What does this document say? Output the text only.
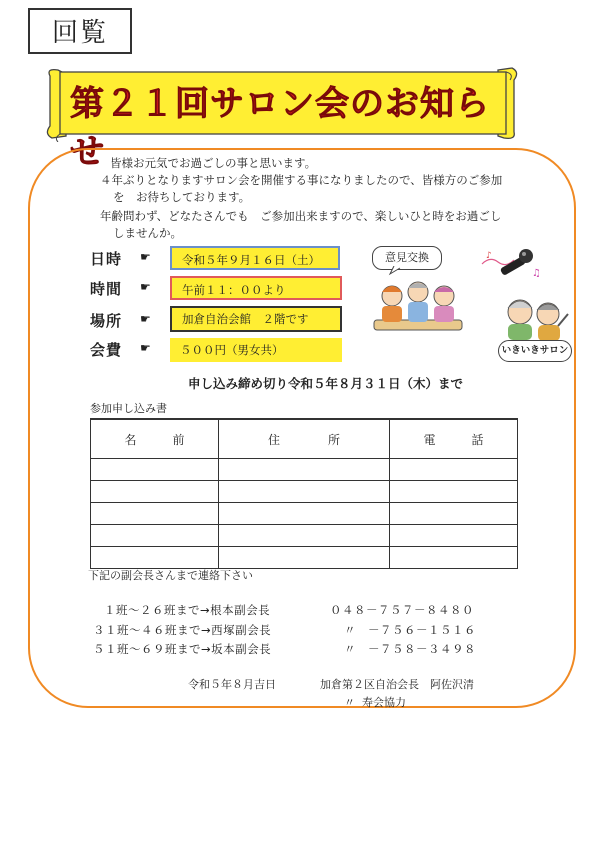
回覧
第２１回サロン会のお知らせ 皆様お元気でお過ごしの事と思います。
４年ぶりとなりますサロン会を開催する事になりましたので、皆様方のご参加
を　お待ちしております。
年齢問わず、どなたさんでも　ご参加出来ますので、楽しいひと時をお過ごし
しませんか。
日時 ☛	令和５年９月１６日（土）
時間 ☛	午前１１：００より
場所 ☛	加倉自治会館　２階です
会費 ☛	５００円（男女共）
意見交換	♪
♫
いきいきサロン
申し込み締め切り令和５年８月３１日（木）まで
参加申し込み書
名　　　前	住　　　　所	電　　　話

下記の副会長さんまで連絡下さい
１班～２６班まで→根本副会長	０４８－７５７－８４８０
３１班～４６班まで→西塚副会長	〃　－７５６－１５１６
５１班～６９班まで→坂本副会長	〃　－７５８－３４９８
令和５年８月吉日	加倉第２区自治会長　阿佐沢清
〃 寿会協力
